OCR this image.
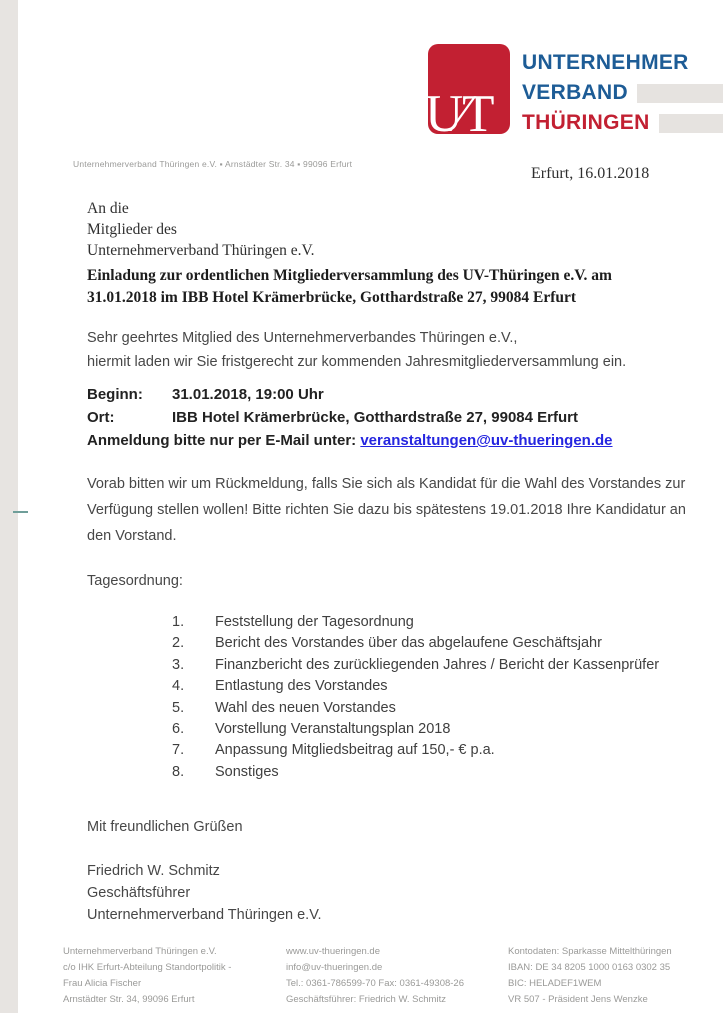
U∕T
UNTERNEHMER
VERBAND
THÜRINGEN
Unternehmerverband Thüringen e.V. ▪ Arnstädter Str. 34 ▪ 99096 Erfurt
Erfurt, 16.01.2018
An die
Mitglieder des
Unternehmerverband Thüringen e.V.
Einladung zur ordentlichen Mitgliederversammlung des UV-Thüringen e.V. am 31.01.2018 im IBB Hotel Krämerbrücke, Gotthardstraße 27, 99084 Erfurt
Sehr geehrtes Mitglied des Unternehmerverbandes Thüringen e.V.,
hiermit laden wir Sie fristgerecht zur kommenden Jahresmitgliederversammlung ein.
Beginn:	31.01.2018, 19:00 Uhr
Ort:	IBB Hotel Krämerbrücke, Gotthardstraße 27, 99084 Erfurt
Anmeldung bitte nur per E-Mail unter: veranstaltungen@uv-thueringen.de
Vorab bitten wir um Rückmeldung, falls Sie sich als Kandidat für die Wahl des Vorstandes zur Verfügung stellen wollen! Bitte richten Sie dazu bis spätestens 19.01.2018 Ihre Kandidatur an den Vorstand.
Tagesordnung:
1.	Feststellung der Tagesordnung
2.	Bericht des Vorstandes über das abgelaufene Geschäftsjahr
3.	Finanzbericht des zurückliegenden Jahres / Bericht der Kassenprüfer
4.	Entlastung des Vorstandes
5.	Wahl des neuen Vorstandes
6.	Vorstellung Veranstaltungsplan 2018
7.	Anpassung Mitgliedsbeitrag auf 150,- € p.a.
8.	Sonstiges
Mit freundlichen Grüßen
Friedrich W. Schmitz
Geschäftsführer
Unternehmerverband Thüringen e.V.
Unternehmerverband Thüringen e.V.
c/o IHK Erfurt-Abteilung Standortpolitik -
Frau Alicia Fischer
Arnstädter Str. 34, 99096 Erfurt
www.uv-thueringen.de
info@uv-thueringen.de
Tel.: 0361-786599-70 Fax: 0361-49308-26
Geschäftsführer: Friedrich W. Schmitz
Kontodaten: Sparkasse Mittelthüringen
IBAN: DE 34 8205 1000 0163 0302 35
BIC: HELADEF1WEM
VR 507 - Präsident Jens Wenzke
